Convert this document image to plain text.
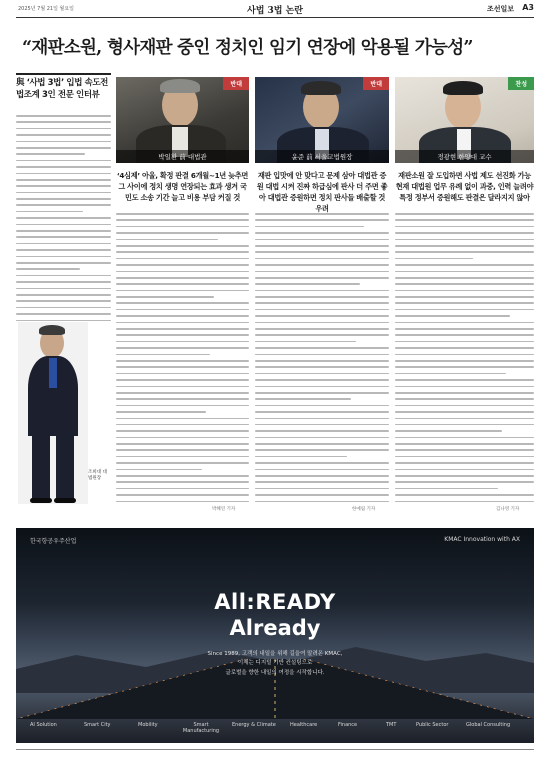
2025년 7월 21일 월요일	사법 3법 논란	조선일보 A3
“재판소원, 형사재판 중인 정치인 임기 연장에 악용될 가능성”
與 ‘사법 3법’ 입법 속도전 법조계 3인 전문 인터뷰
반대
박일환 前 대법관
반대
윤준 前 서울고법원장
찬성
정광현 한양대 교수
‘4심제’ 아울, 확정 판결 6개월~1년 늦추면 그 사이에 정치 생명 연장되는 효과 생겨 국민도 소송 기간 늘고 비용 부담 커질 것
재판 입맛에 안 맞다고 문제 삼아 대법관 증원 대법 시켜 진짜 하급심에 판사 더 주면 좋아 대법관 증원하면 정치 판사들 배출할 것 우려
재판소원 잘 도입하면 사법 제도 선진화 가능 현재 대법원 업무 유례 없이 과중, 인력 늘려야 특정 정부서 증원해도 판결은 달라지지 않아
조희대 대법원장
박혜연 기자	한예림 기자	김나영 기자
한국항공우주산업	KMAC Innovation with AX
All:READY
Already
Since 1989, 고객의 내일을 위해 길을여 말려온 KMAC,
이제는 디지털 기반 컨설팅으로
글로벌을 향한 내일의 여정을 시작합니다.
AI Solution	Smart City	Mobility	Smart Manufacturing
Energy & Climate	Healthcare	Finance	TMT	Public Sector	Global Consulting
